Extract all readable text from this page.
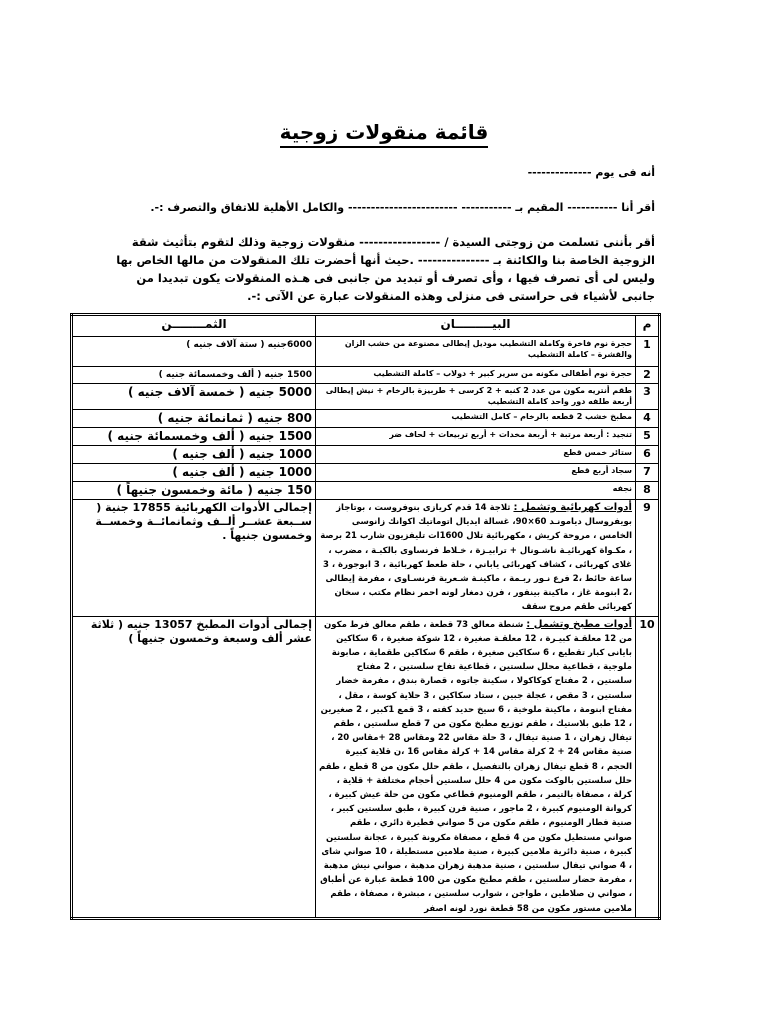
قائمة منقولات زوجية

أنه فى يوم --------------

أقر أنا ----------- المقيم بـ ----------- ------------------------ والكامل الأهلية للاتفاق والتصرف :-.

أقر بأننى تسلمت من زوجتى السيدة / ----------------- منقولات زوجية وذلك لتقوم بتأثيث شقة الزوجية الخاصة بنا والكائنة بـ --------------- .حيث أنها أحضرت تلك المنقولات من مالها الخاص بها وليس لى أى تصرف فيها ، وأى تصرف أو تبديد من جانبى فى هـذه المنقولات يكون تبديدا من جانبى لأشياء فى حراستى فى منزلى وهذه المنقولات عبارة عن الآتى :-.

م	البيـــــــــان	الثمــــــــن
1	حجرة نوم فاخرة وكاملة التشطيب موديل إيطالى مصنوعة من خشب الزان والقشرة – كاملة التشطيب	6000جنيه ( ستة آلاف جنيه )
2	حجرة نوم أطفالى مكونه من سرير كبير + دولاب – كاملة التشطيب	1500 جنيه ( ألف وخمسمائة جنيه )
3	طقم أنتريه مكون من عدد 2 كنبه + 2 كرسى + طربيزة بالرخام + نيش إيطالى أربعة طلفه دور واحد كاملة التشطيب	5000 جنيه ( خمسة آلاف جنيه )
4	مطبخ خشب 2 قطعه بالرخام – كامل التشطيب	800 جنيه ( ثمانمائة جنيه )
5	تنجيد : أربعة مرتبة + أربعة مخدات + أربع تربيعات + لحاف ضر	1500 جنيه ( ألف وخمسمائة جنيه )
6	ستائر خمس قطع	1000 جنيه ( ألف جنيه )
7	سجاد أربع قطع	1000 جنيه ( ألف جنيه )
8	نجفه	150 جنيه ( مائة وخمسون جنيهاً )
9	أدوات كهربائية وتشمل : ثلاجة 14 قدم كريازى بنوفروست ، بوتاجاز بويفروسال ديامونـد 60×90، غسالة ايديال اتوماتيك اكوانك زانوسى الخامس ، مروحة كريش ، مكهربائية تلال 1600ات تليفزيون شارب 21 برصة ، مكـواة كهربائيـة ناشـونال + ترابيـزة ، خـلاط فرنساوى بالكبـة ، مضرب ، غلاى كهربائى ، كشاف كهربائى ياباني ، حلة طعط كهربائية ، 3 ابوجورة ، 3 ساعة حائط ،2 فرع نـور ربـمة ، ماكينـة شـعرية فرنسـاوى ، مفرمة إيطالى ،2 ابنومة غاز ، ماكينة بينفور ، فرن دمغار لونه احمر نظام مكتب ، سخان كهربائى طقم مروح سقف	إجمالى الأدوات الكهربائية 17855 جنية ( ســبعة عشــر ألــف وثمانمائــة وخمســة وخمسون جنيهاً .
10	أدوات مطبخ وتشمل : شنطة معالق 73 قطعة ، طقم معالق فرط مكون من 12 معلقـة كبيـرة ، 12 معلقـة صغيرة ، 12 شوكة صغيرة ، 6 سكاكين بايانى كبار تقطيع ، 6 سكاكين صغيرة ، طقم 6 سكاكين طقماية ، صابونة ملوجية ، قطاعية محلل سلستين ، قطاعية تفاح سلستين ، 2 مفتاح سلستين ، 2 مفتاح كوكاكولا ، سكينة جاتوه ، قصارة بندق ، مفرمة خضار سلستين ، 3 مقص ، عجلة جبين ، ستاد سكاكين ، 3 حلاية كوسة ، مقل ، مفتاح ابنومة ، ماكينة ملوخية ، 6 سيخ حديد كفته ، 3 قمع 1كبير ، 2 صغيرين ، 12 طبق بلاستيك ، طقم توزيع مطبخ مكون من 7 قطع سلستين ، طقم تيفال زهران ، 1 صنية تيفال ، 3 حلة مقاس 22 ومقاس 28 +مقاس 20 ، صنية مقاس 24 + 2 كرلة مقاس 14 + كرلة مقاس 16 ،ن قلاية كبيرة الحجم ، 8 قطع تيفال زهران بالتفصيل ، طقم حلل مكون من 8 قطع ، طقم حلل سلستين بالوكت مكون من 4 حلل سلستين أحجام مختلفة + قلاية ، كرلة ، مصفاة بالتيمر ، طقم الومنيوم قطاعي مكون من حلة عيش كبيرة ، كروانة الومنيوم كبيرة ، 2 ماجور ، صنية فرن كبيرة ، طبق سلستين كبير ، صنية فطار الومنيوم ، طقم مكون من 5 صواني فطيرة دائري ، طقم صواني مستطيل مكون من 4 قطع ، مصفاة مكرونة كبيرة ، عجانة سلستين كبيرة ، صنية دائرية ملامين كبيرة ، صنية ملامين مستطيلة ، 10 صواني شاى ، 4 صواني تيفال سلستين ، صنية مدهبة زهران مدهبة ، صواني نيش مدهبة ، مفرمة حضار سلستين ، طقم مطبخ مكون من 100 قطعة عبارة عن أطباق ، صواني ن صلاطين ، طواجن ، شوارب سلستين ، مبشرة ، مصفاة ، طقم ملامين مستور مكون من 58 قطعة نورد لونه اصفر	إجمالى أدوات المطبخ 13057 جنيه ( ثلاثة عشر ألف وسبعة وخمسون جنيهاً )
